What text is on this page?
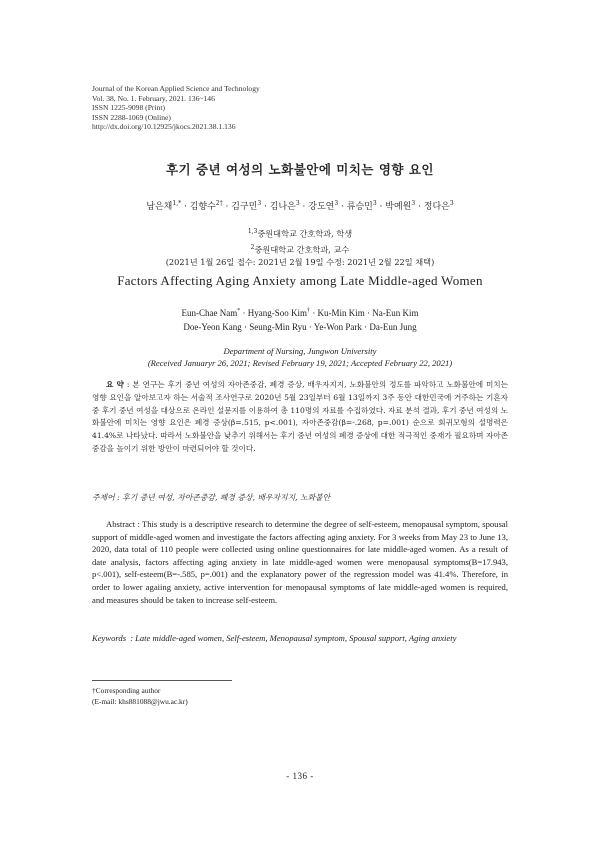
Journal of the Korean Applied Science and Technology
Vol. 38, No. 1. February, 2021. 136~146
ISSN 1225-9098 (Print)
ISSN 2288-1069 (Online)
http://dx.doi.org/10.12925/jkocs.2021.38.1.136
후기 중년 여성의 노화불안에 미치는 영향 요인
남은채$^{1,*}$ · 김향수$^{2\dagger}$ · 김구민$^3$ · 김나은$^3$ · 강도연$^3$ · 류승민$^3$ · 박예원$^3$ · 정다은$^3$
$^{1,3}$중원대학교 간호학과, 학생
$^2$중원대학교 간호학과, 교수
(2021년 1월 26일 접수: 2021년 2월 19일 수정: 2021년 2월 22일 채택)
Factors Affecting Aging Anxiety among Late Middle-aged Women
Eun-Chae Nam* · Hyang-Soo Kim† · Ku-Min Kim · Na-Eun Kim
Doe-Yeon Kang · Seung-Min Ryu · Ye-Won Park · Da-Eun Jung
Department of Nursing, Jungwon University
(Received Januaryr 26, 2021; Revised February 19, 2021; Accepted February 22, 2021)
요 약 : 본 연구는 후기 중년 여성의 자아존중감, 폐경 증상, 배우자지지, 노화불안의 정도를 파악하고 노화불안에 미치는 영향 요인을 알아보고자 하는 서술적 조사연구로 2020년 5월 23일부터 6월 13일까지 3주 동안 대한민국에 거주하는 기혼자 중 후기 중년 여성을 대상으로 온라인 설문지를 이용하여 총 110명의 자료를 수집하였다. 자료 분석 결과, 후기 중년 여성의 노화불안에 미치는 영향 요인은 폐경 증상(β=.515, p<.001), 자아존중감(β=-.268, p=.001) 순으로 회귀모형의 설명력은 41.4%로 나타났다. 따라서 노화불안을 낮추기 위해서는 후기 중년 여성의 폐경 증상에 대한 적극적인 중재가 필요하며 자아존중감을 높이기 위한 방안이 마련되어야 할 것이다.
주제어 : 후기 중년 여성, 자아존중감, 폐경 증상, 배우자지지, 노화불안
Abstract : This study is a descriptive research to determine the degree of self-esteem, menopausal symptom, spousal support of middle-aged women and investigate the factors affecting aging anxiety. For 3 weeks from May 23 to June 13, 2020, data total of 110 people were collected using online questionnaires for late middle-aged women. As a result of date analysis, factors affecting aging anxiety in late middle-aged women were menopausal symptoms(B=17.943, p<.001), self-esteem(B=-.585, p=.001) and the explanatory power of the regression model was 41.4%. Therefore, in order to lower agaiing anxiety, active intervention for menopausal symptoms of late middle-aged women is required, and measures should be taken to increase self-esteem.
Keywords : Late middle-aged women, Self-esteem, Menopausal symptom, Spousal support, Aging anxiety
†Corresponding author
(E-mail: khs881088@jwu.ac.kr)
- 136 -
